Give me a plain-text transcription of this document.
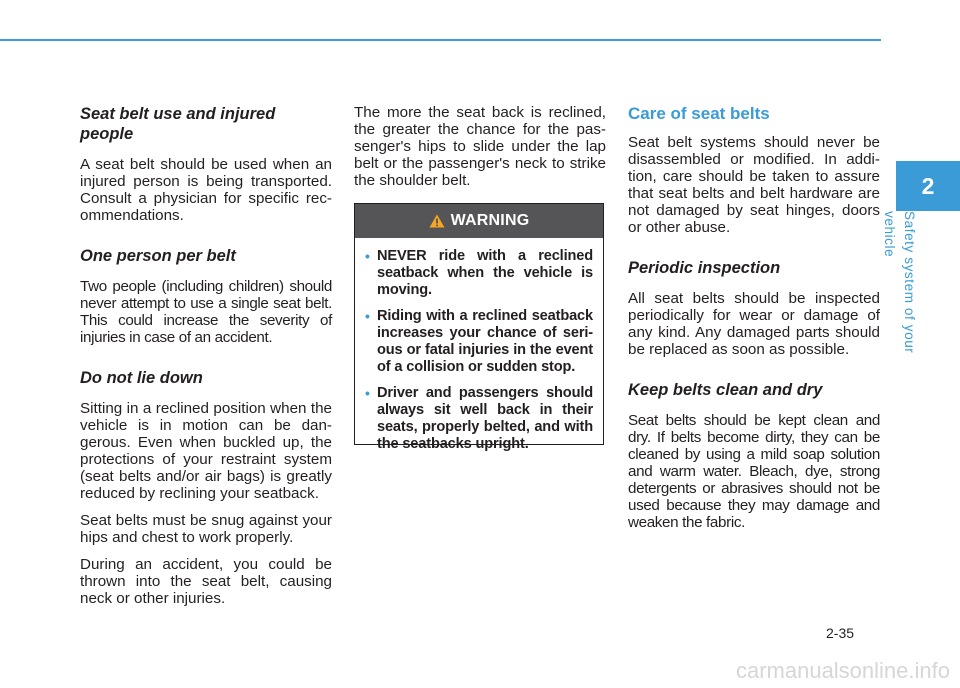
Seat belt use and injured people
A seat belt should be used when an injured person is being transported. Consult a physician for specific rec-ommendations.
One person per belt
Two people (including children) should never attempt to use a single seat belt. This could increase the severity of injuries in case of an accident.
Do not lie down
Sitting in a reclined position when the vehicle is in motion can be dan-gerous. Even when buckled up, the protections of your restraint system (seat belts and/or air bags) is greatly reduced by reclining your seatback.
Seat belts must be snug against your hips and chest to work properly.
During an accident, you could be thrown into the seat belt, causing neck or other injuries.
The more the seat back is reclined, the greater the chance for the pas-senger's hips to slide under the lap belt or the passenger's neck to strike the shoulder belt.
WARNING
• NEVER ride with a reclined seatback when the vehicle is moving.
• Riding with a reclined seatback increases your chance of seri-ous or fatal injuries in the event of a collision or sudden stop.
• Driver and passengers should always sit well back in their seats, properly belted, and with the seatbacks upright.
Care of seat belts
Seat belt systems should never be disassembled or modified. In addi-tion, care should be taken to assure that seat belts and belt hardware are not damaged by seat hinges, doors or other abuse.
Periodic inspection
All seat belts should be inspected periodically for wear or damage of any kind. Any damaged parts should be replaced as soon as possible.
Keep belts clean and dry
Seat belts should be kept clean and dry. If belts become dirty, they can be cleaned by using a mild soap solution and warm water. Bleach, dye, strong detergents or abrasives should not be used because they may damage and weaken the fabric.
2
Safety system of your vehicle
2-35
carmanualsonline.info
